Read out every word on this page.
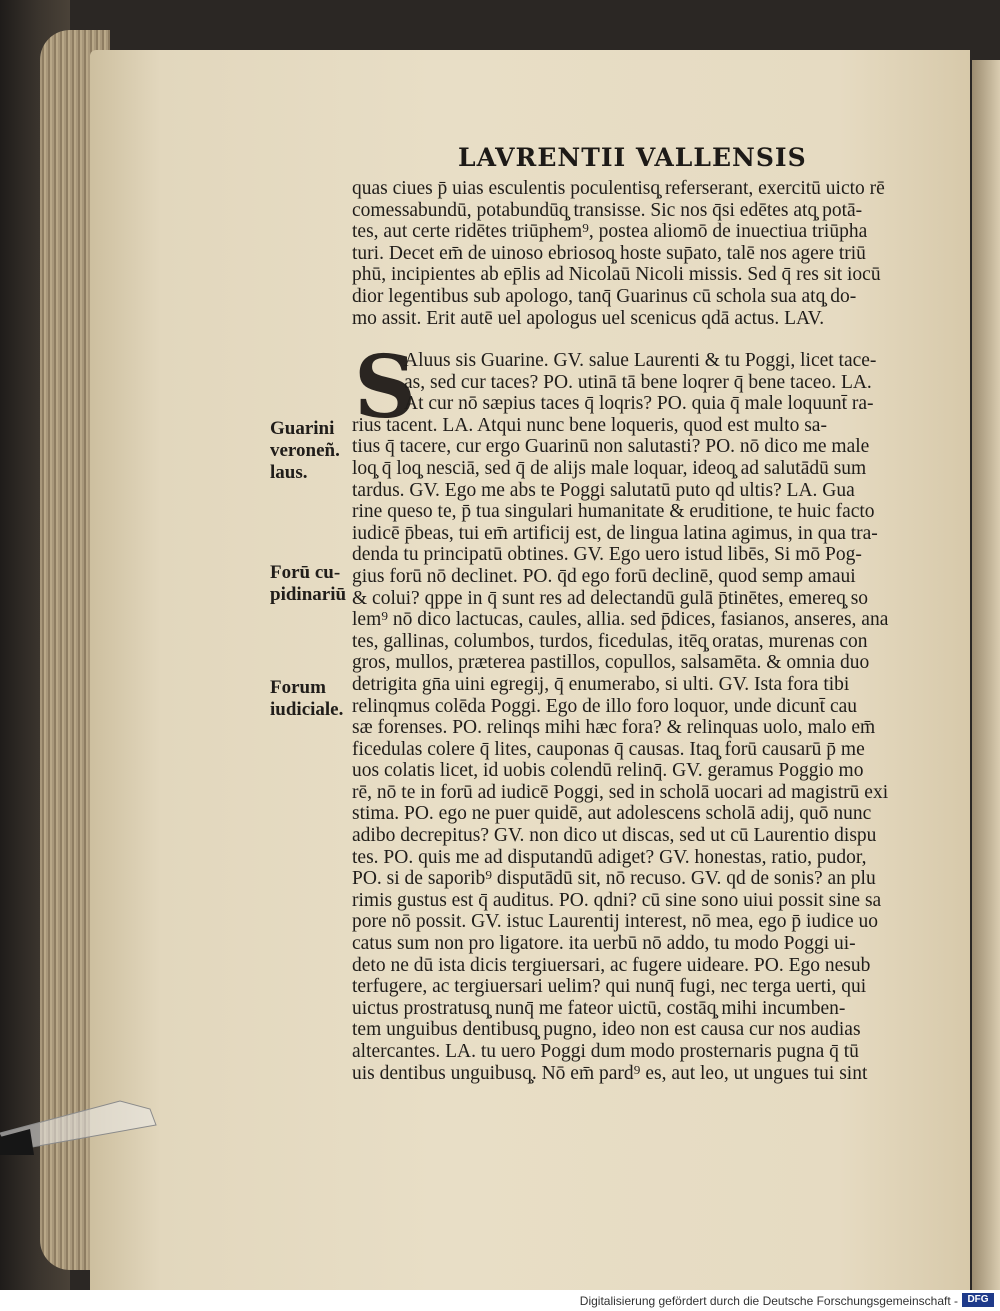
LAVRENTII VALLENSIS
quas ciues p̄ uias esculentis poculentisq̧ referserant, exercitū uicto rē
comessabundū, potabundūq̧ transisse. Sic nos q̄si edētes atq̧ potā-
tes, aut certe ridētes triūphem⁹, postea aliomō de inuectiua triūpha
turi. Decet em̄ de uinoso ebriosoq̧ hoste sup̄ato, talē nos agere triū
phū, incipientes ab ep̄lis ad Nicolaū Nicoli missis. Sed q̄ res sit iocū
dior legentibus sub apologo, tanq̄ Guarinus cū schola sua atq̧ do-
mo assit. Erit autē uel apologus uel scenicus qdā actus. LAV.
S
Aluus sis Guarine. GV. salue Laurenti & tu Poggi, licet tace-
as, sed cur taces? PO. utinā tā bene loqrer q̄ bene taceo. LA.
At cur nō sæpius taces q̄ loqris? PO. quia q̄ male loquunt̄ ra-
rius tacent. LA. Atqui nunc bene loqueris, quod est multo sa-
tius q̄ tacere, cur ergo Guarinū non salutasti? PO. nō dico me male
loq̧ q̄ loq̧ nesciā, sed q̄ de alijs male loquar, ideoq̧ ad salutādū sum
tardus. GV. Ego me abs te Poggi salutatū puto qd ultis? LA. Gua
rine queso te, p̄ tua singulari humanitate & eruditione, te huic facto
iudicē p̄beas, tui em̄ artificij est, de lingua latina agimus, in qua tra-
denda tu principatū obtines. GV. Ego uero istud libēs, Si mō Pog-
gius forū nō declinet. PO. q̄d ego forū declinē, quod semp amaui
& colui? qppe in q̄ sunt res ad delectandū gulā p̄tinētes, emereq̧ so
lem⁹ nō dico lactucas, caules, allia. sed p̄dices, fasianos, anseres, ana
tes, gallinas, columbos, turdos, ficedulas, itēq̧ oratas, murenas con
gros, mullos, præterea pastillos, copullos, salsamēta. & omnia duo
detrigita gn̄a uini egregij, q̄ enumerabo, si ulti. GV. Ista fora tibi
relinqmus colēda Poggi. Ego de illo foro loquor, unde dicunt̄ cau
sæ forenses. PO. relinqs mihi hæc fora? & relinquas uolo, malo em̄
ficedulas colere q̄ lites, cauponas q̄ causas. Itaq̧ forū causarū p̄ me
uos colatis licet, id uobis colendū relinq̄. GV. geramus Poggio mo
rē, nō te in forū ad iudicē Poggi, sed in scholā uocari ad magistrū exi
stima. PO. ego ne puer quidē, aut adolescens scholā adij, quō nunc
adibo decrepitus? GV. non dico ut discas, sed ut cū Laurentio dispu
tes. PO. quis me ad disputandū adiget? GV. honestas, ratio, pudor,
PO. si de saporib⁹ disputādū sit, nō recuso. GV. qd de sonis? an plu
rimis gustus est q̄ auditus. PO. qdni? cū sine sono uiui possit sine sa
pore nō possit. GV. istuc Laurentij interest, nō mea, ego p̄ iudice uo
catus sum non pro ligatore. ita uerbū nō addo, tu modo Poggi ui-
deto ne dū ista dicis tergiuersari, ac fugere uideare. PO. Ego nesub
terfugere, ac tergiuersari uelim? qui nunq̄ fugi, nec terga uerti, qui
uictus prostratusq̧ nunq̄ me fateor uictū, costāq̧ mihi incumben-
tem unguibus dentibusq̧ pugno, ideo non est causa cur nos audias
altercantes. LA. tu uero Poggi dum modo prosternaris pugna q̄ tū
uis dentibus unguibusq̧. Nō em̄ pard⁹ es, aut leo, ut ungues tui sint
Guarini
veroneñ.
laus.
Forū cu-
pidinariū
Forum
iudiciale.
Digitalisierung gefördert durch die Deutsche Forschungsgemeinschaft - DFG
